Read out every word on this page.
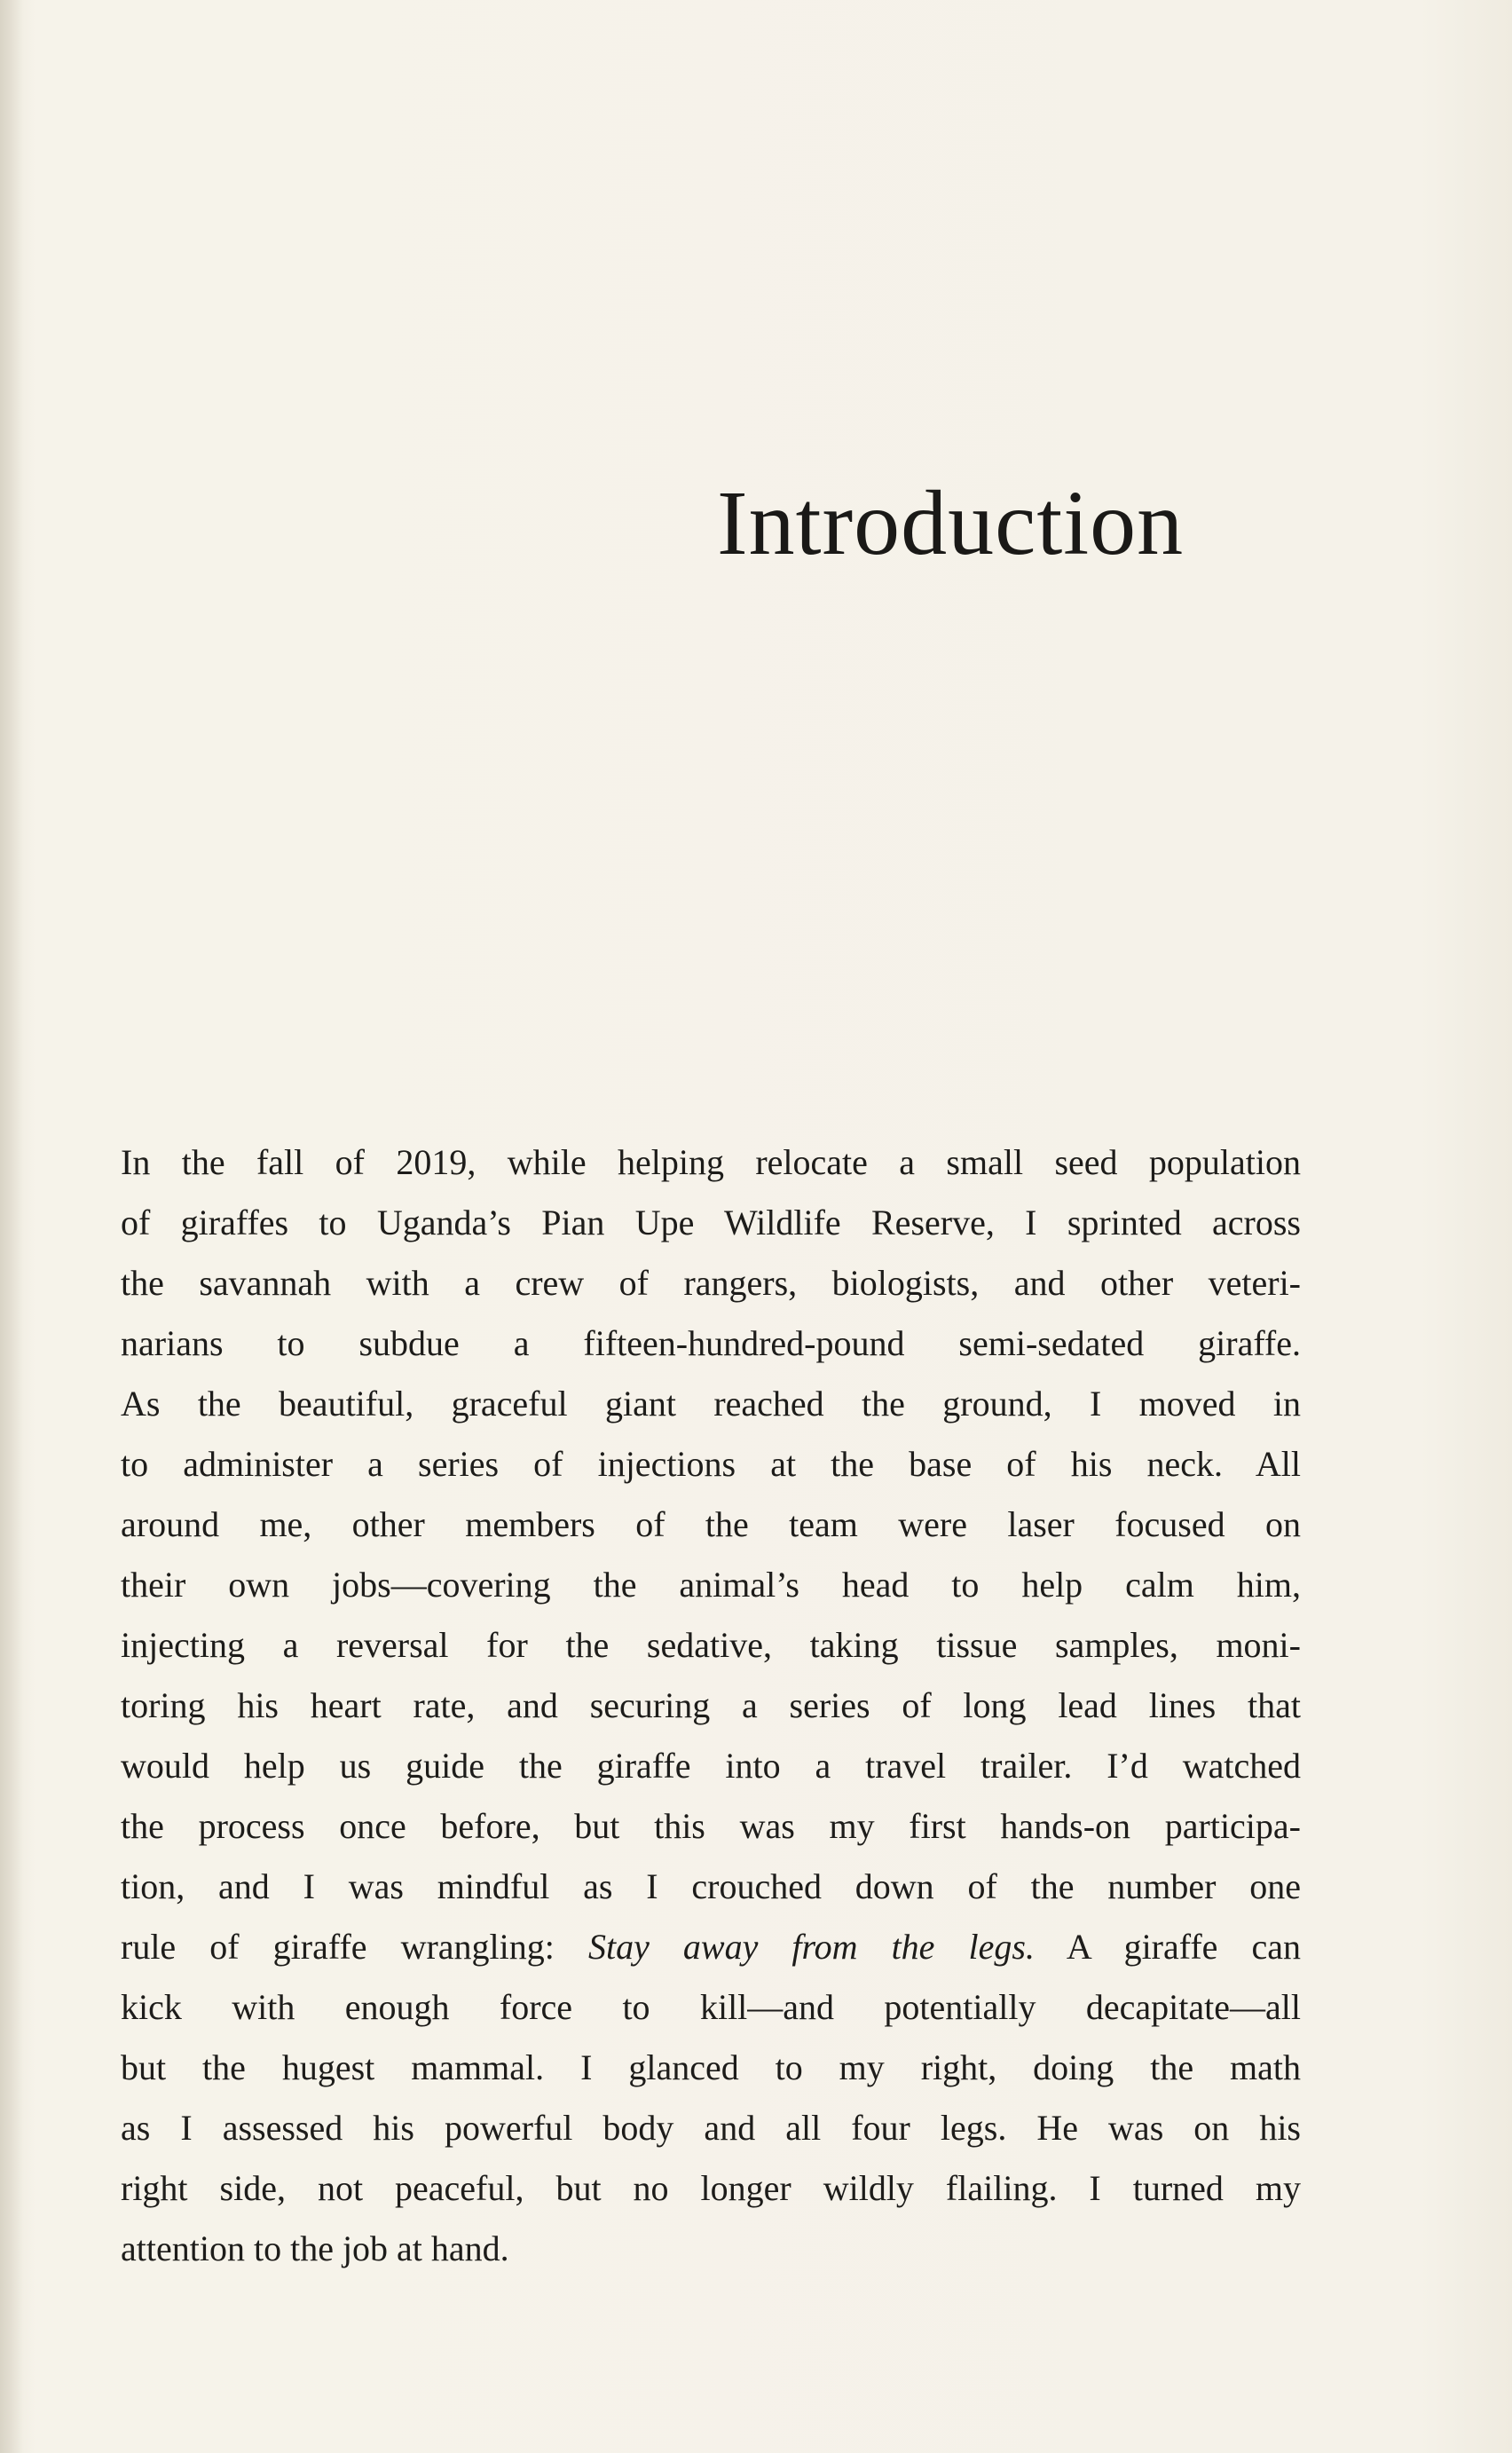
Introduction
In the fall of 2019, while helping relocate a small seed population
of giraffes to Uganda’s Pian Upe Wildlife Reserve, I sprinted across
the savannah with a crew of rangers, biologists, and other veteri-
narians to subdue a fifteen-hundred-pound semi-sedated giraffe.
As the beautiful, graceful giant reached the ground, I moved in
to administer a series of injections at the base of his neck. All
around me, other members of the team were laser focused on
their own jobs—covering the animal’s head to help calm him,
injecting a reversal for the sedative, taking tissue samples, moni-
toring his heart rate, and securing a series of long lead lines that
would help us guide the giraffe into a travel trailer. I’d watched
the process once before, but this was my first hands-on participa-
tion, and I was mindful as I crouched down of the number one
rule of giraffe wrangling: Stay away from the legs. A giraffe can
kick with enough force to kill—and potentially decapitate—all
but the hugest mammal. I glanced to my right, doing the math
as I assessed his powerful body and all four legs. He was on his
right side, not peaceful, but no longer wildly flailing. I turned my
attention to the job at hand.
